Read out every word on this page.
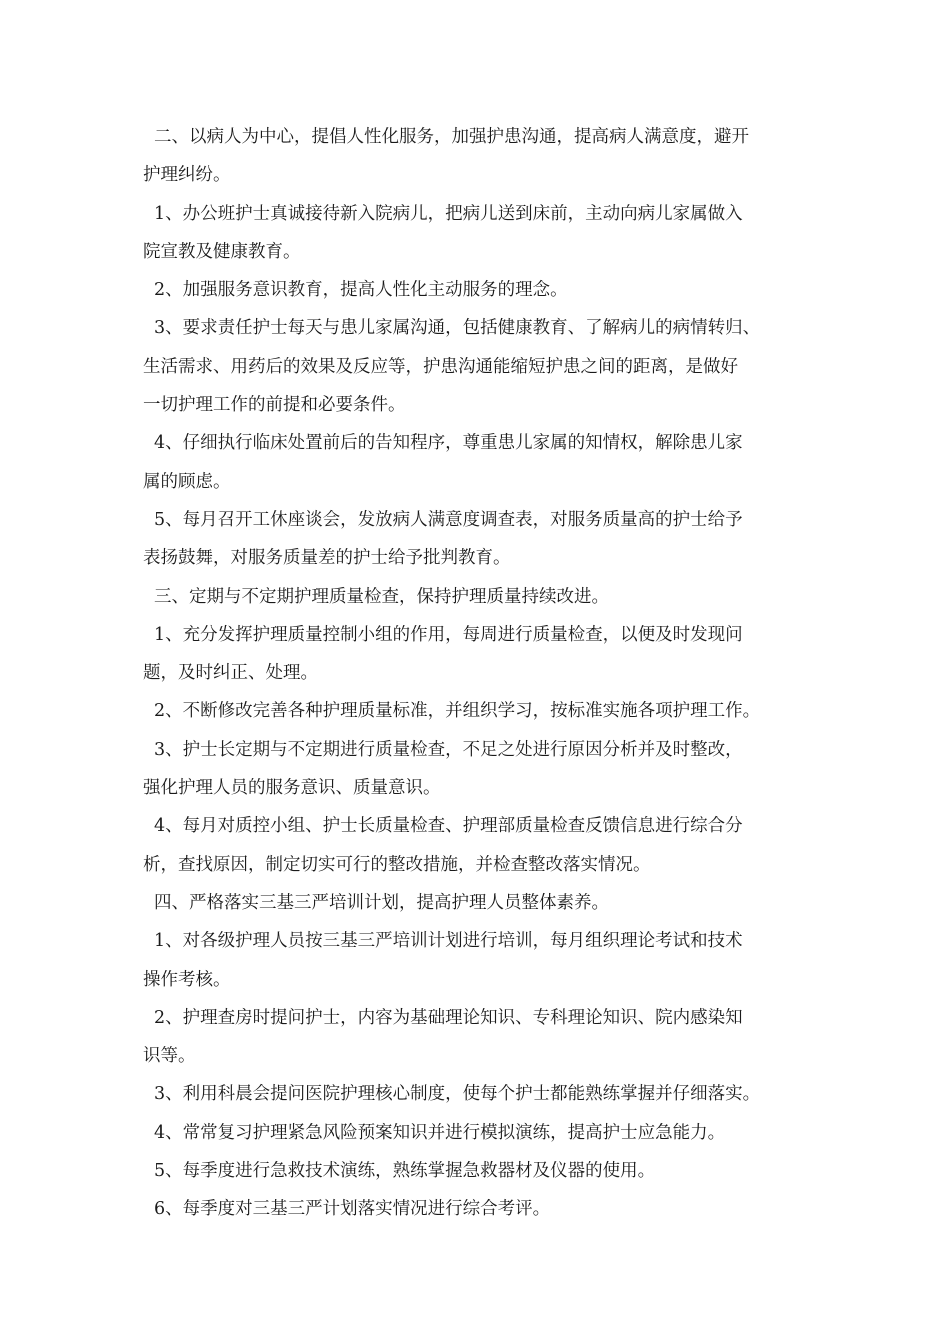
二、以病人为中心，提倡人性化服务，加强护患沟通，提高病人满意度，避开
护理纠纷。
1、办公班护士真诚接待新入院病儿，把病儿送到床前，主动向病儿家属做入
院宣教及健康教育。
2、加强服务意识教育，提高人性化主动服务的理念。
3、要求责任护士每天与患儿家属沟通，包括健康教育、了解病儿的病情转归、
生活需求、用药后的效果及反应等，护患沟通能缩短护患之间的距离，是做好
一切护理工作的前提和必要条件。
4、仔细执行临床处置前后的告知程序，尊重患儿家属的知情权，解除患儿家
属的顾虑。
5、每月召开工休座谈会，发放病人满意度调查表，对服务质量高的护士给予
表扬鼓舞，对服务质量差的护士给予批判教育。
三、定期与不定期护理质量检查，保持护理质量持续改进。
1、充分发挥护理质量控制小组的作用，每周进行质量检查，以便及时发现问
题，及时纠正、处理。
2、不断修改完善各种护理质量标准，并组织学习，按标准实施各项护理工作。
3、护士长定期与不定期进行质量检查，不足之处进行原因分析并及时整改，
强化护理人员的服务意识、质量意识。
4、每月对质控小组、护士长质量检查、护理部质量检查反馈信息进行综合分
析，查找原因，制定切实可行的整改措施，并检查整改落实情况。
四、严格落实三基三严培训计划，提高护理人员整体素养。
1、对各级护理人员按三基三严培训计划进行培训，每月组织理论考试和技术
操作考核。
2、护理查房时提问护士，内容为基础理论知识、专科理论知识、院内感染知
识等。
3、利用科晨会提问医院护理核心制度，使每个护士都能熟练掌握并仔细落实。
4、常常复习护理紧急风险预案知识并进行模拟演练，提高护士应急能力。
5、每季度进行急救技术演练，熟练掌握急救器材及仪器的使用。
6、每季度对三基三严计划落实情况进行综合考评。
